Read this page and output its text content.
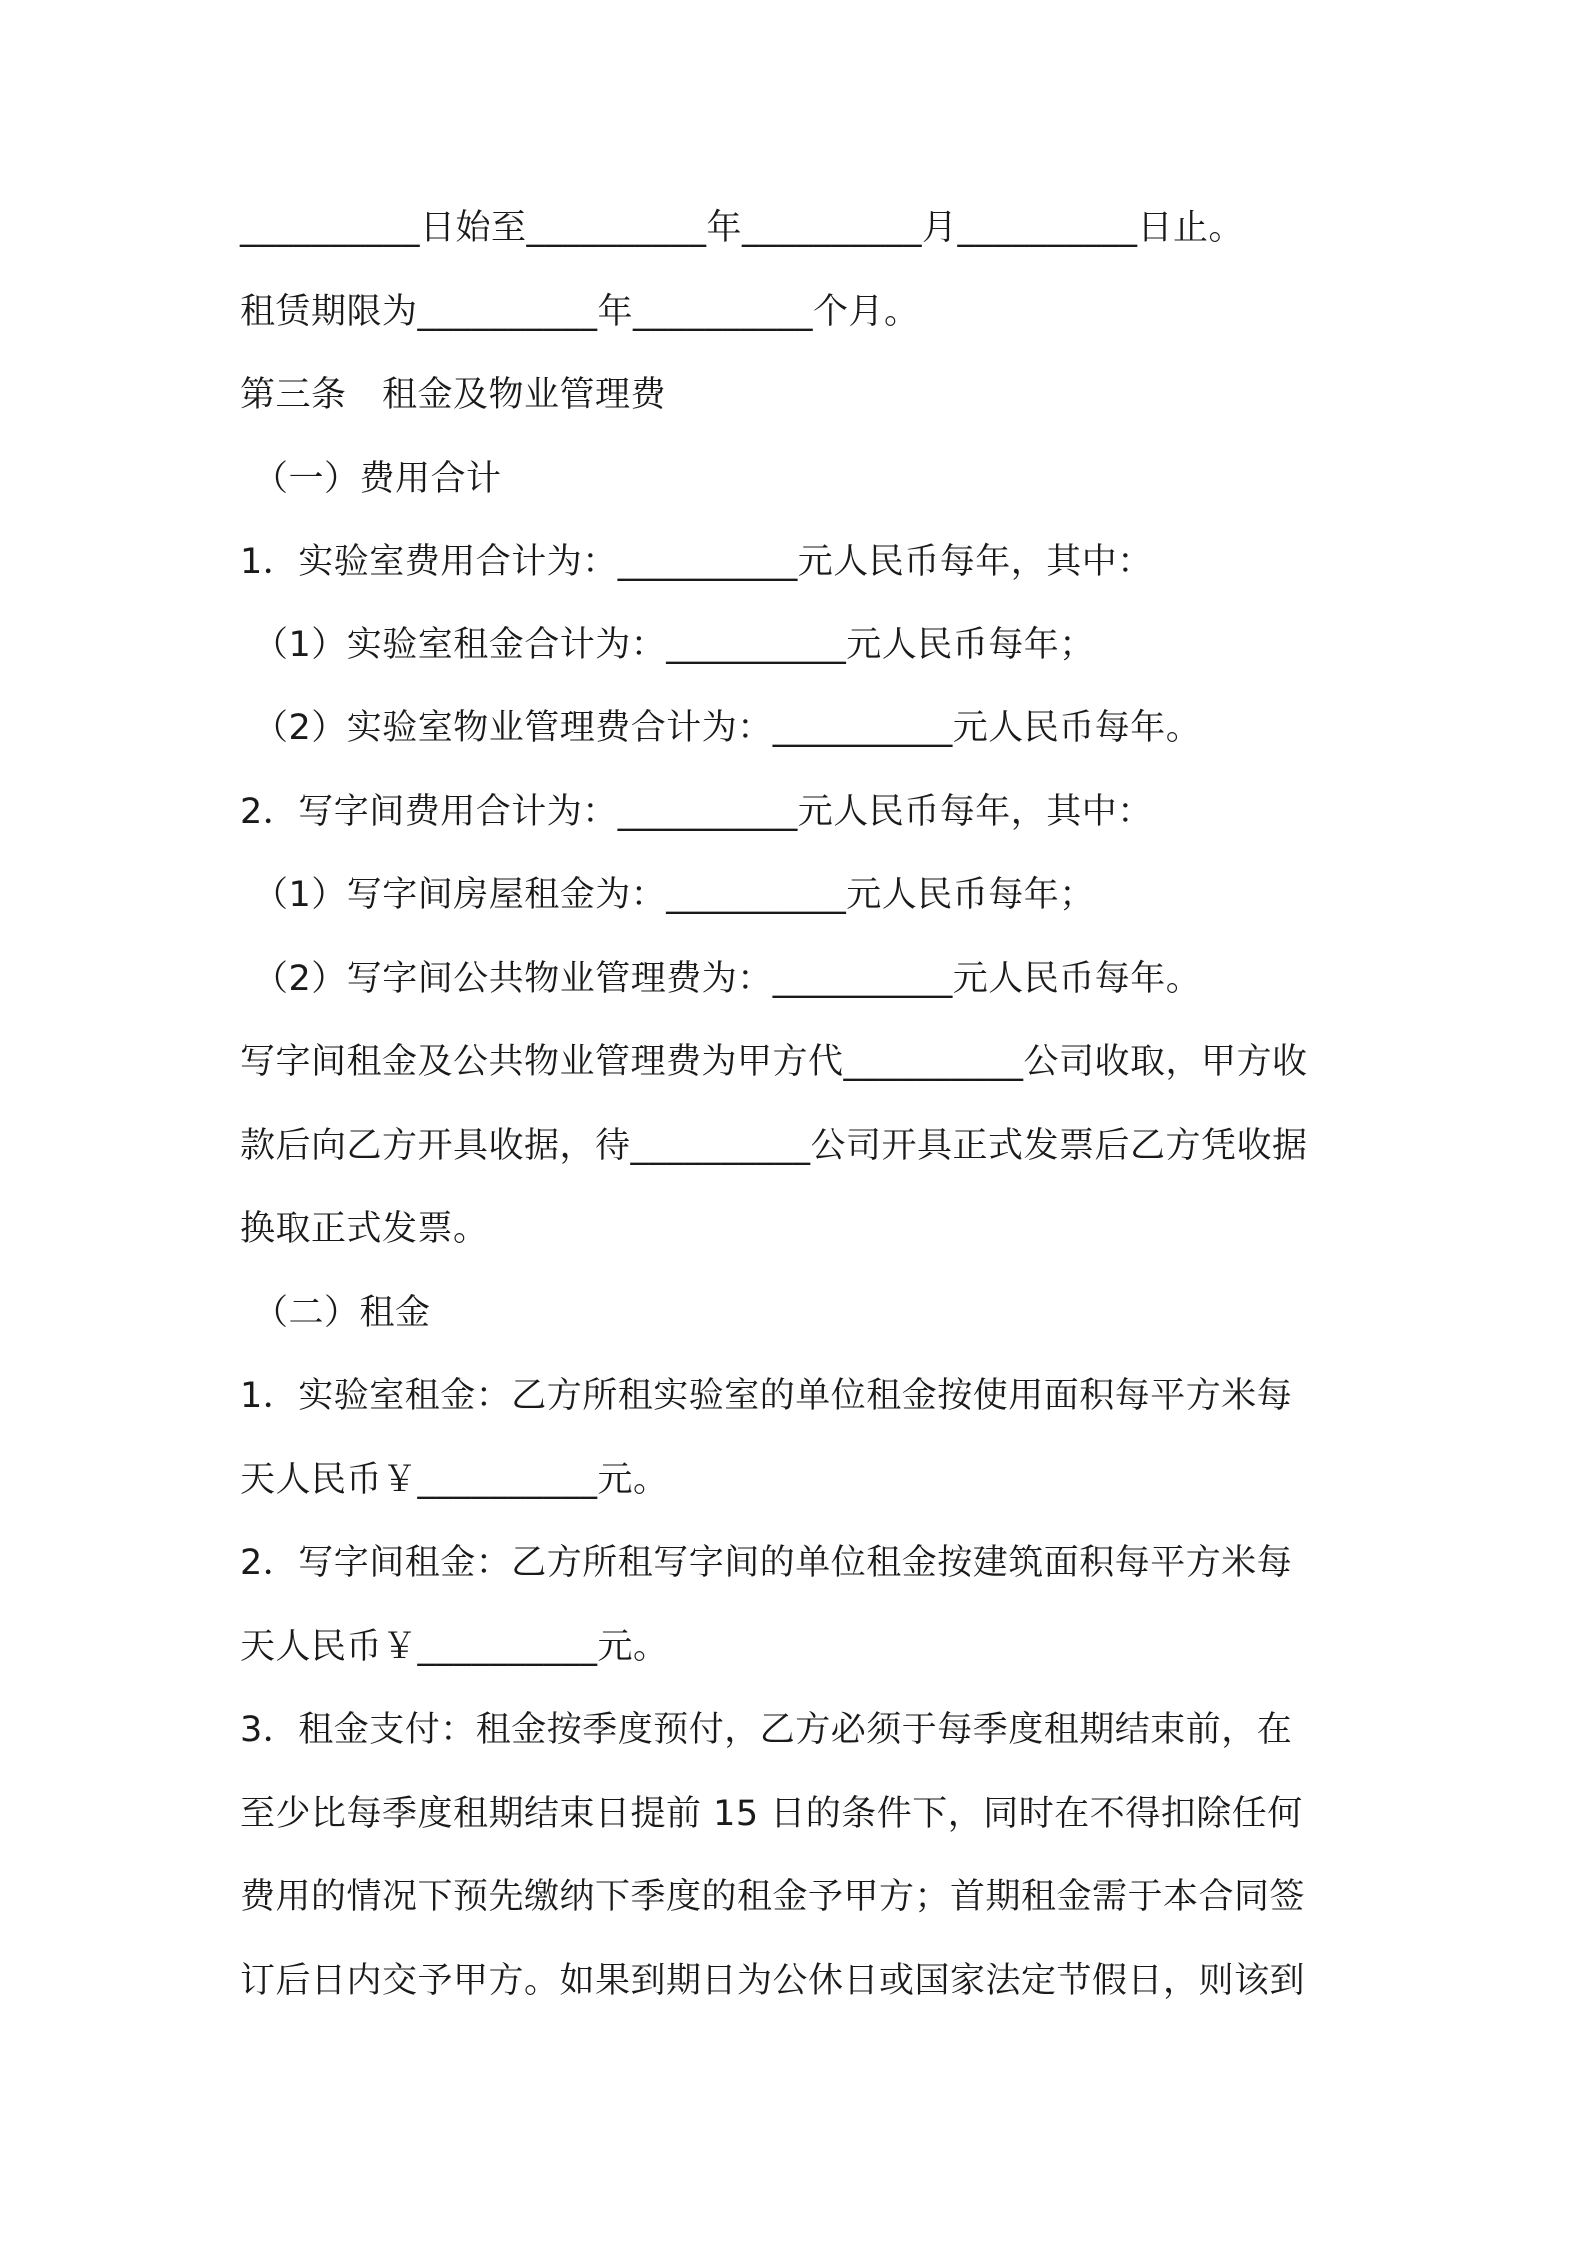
__________日始至__________年__________月__________日止。
租赁期限为__________年__________个月。
第三条　租金及物业管理费
（一）费用合计
1．实验室费用合计为：__________元人民币每年，其中：
（1）实验室租金合计为：__________元人民币每年；
（2）实验室物业管理费合计为：__________元人民币每年。
2．写字间费用合计为：__________元人民币每年，其中：
（1）写字间房屋租金为：__________元人民币每年；
（2）写字间公共物业管理费为：__________元人民币每年。
写字间租金及公共物业管理费为甲方代__________公司收取，甲方收
款后向乙方开具收据，待__________公司开具正式发票后乙方凭收据
换取正式发票。
（二）租金
1．实验室租金：乙方所租实验室的单位租金按使用面积每平方米每
天人民币￥__________元。
2．写字间租金：乙方所租写字间的单位租金按建筑面积每平方米每
天人民币￥__________元。
3．租金支付：租金按季度预付，乙方必须于每季度租期结束前，在
至少比每季度租期结束日提前 15 日的条件下，同时在不得扣除任何
费用的情况下预先缴纳下季度的租金予甲方；首期租金需于本合同签
订后日内交予甲方。如果到期日为公休日或国家法定节假日，则该到
